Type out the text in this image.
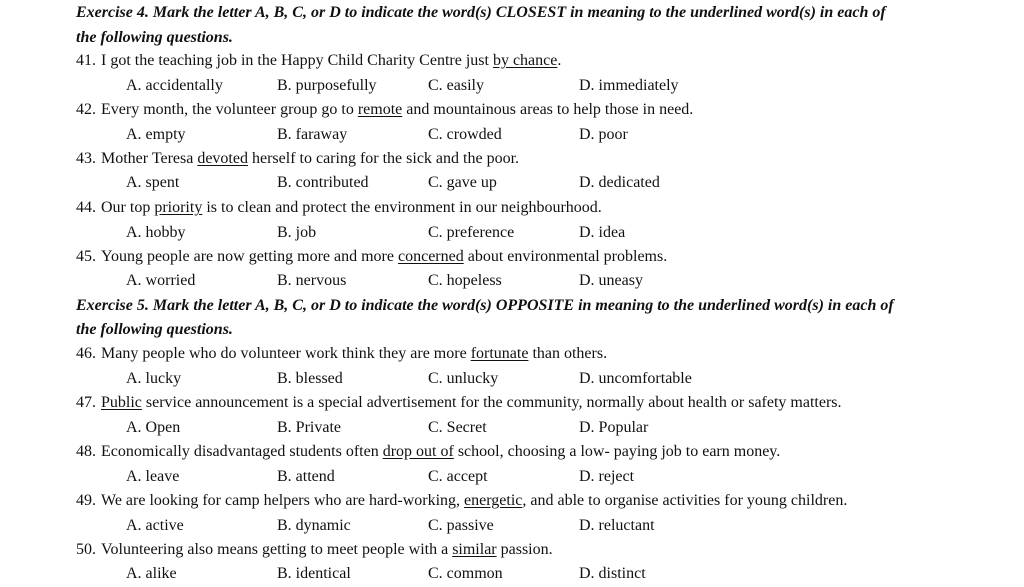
Exercise 4. Mark the letter A, B, C, or D to indicate the word(s) CLOSEST in meaning to the underlined word(s) in each of
the following questions.
41. I got the teaching job in the Happy Child Charity Centre just by chance.
A. accidentally	B. purposefully	C. easily	D. immediately
42. Every month, the volunteer group go to remote and mountainous areas to help those in need.
A. empty	B. faraway	C. crowded	D. poor
43. Mother Teresa devoted herself to caring for the sick and the poor.
A. spent	B. contributed	C. gave up	D. dedicated
44. Our top priority is to clean and protect the environment in our neighbourhood.
A. hobby	B. job	C. preference	D. idea
45. Young people are now getting more and more concerned about environmental problems.
A. worried	B. nervous	C. hopeless	D. uneasy
Exercise 5. Mark the letter A, B, C, or D to indicate the word(s) OPPOSITE in meaning to the underlined word(s) in each of
the following questions.
46. Many people who do volunteer work think they are more fortunate than others.
A. lucky	B. blessed	C. unlucky	D. uncomfortable
47. Public service announcement is a special advertisement for the community, normally about health or safety matters.
A. Open	B. Private	C. Secret	D. Popular
48. Economically disadvantaged students often drop out of school, choosing a low- paying job to earn money.
A. leave	B. attend	C. accept	D. reject
49. We are looking for camp helpers who are hard-working, energetic, and able to organise activities for young children.
A. active	B. dynamic	C. passive	D. reluctant
50. Volunteering also means getting to meet people with a similar passion.
A. alike	B. identical	C. common	D. distinct
